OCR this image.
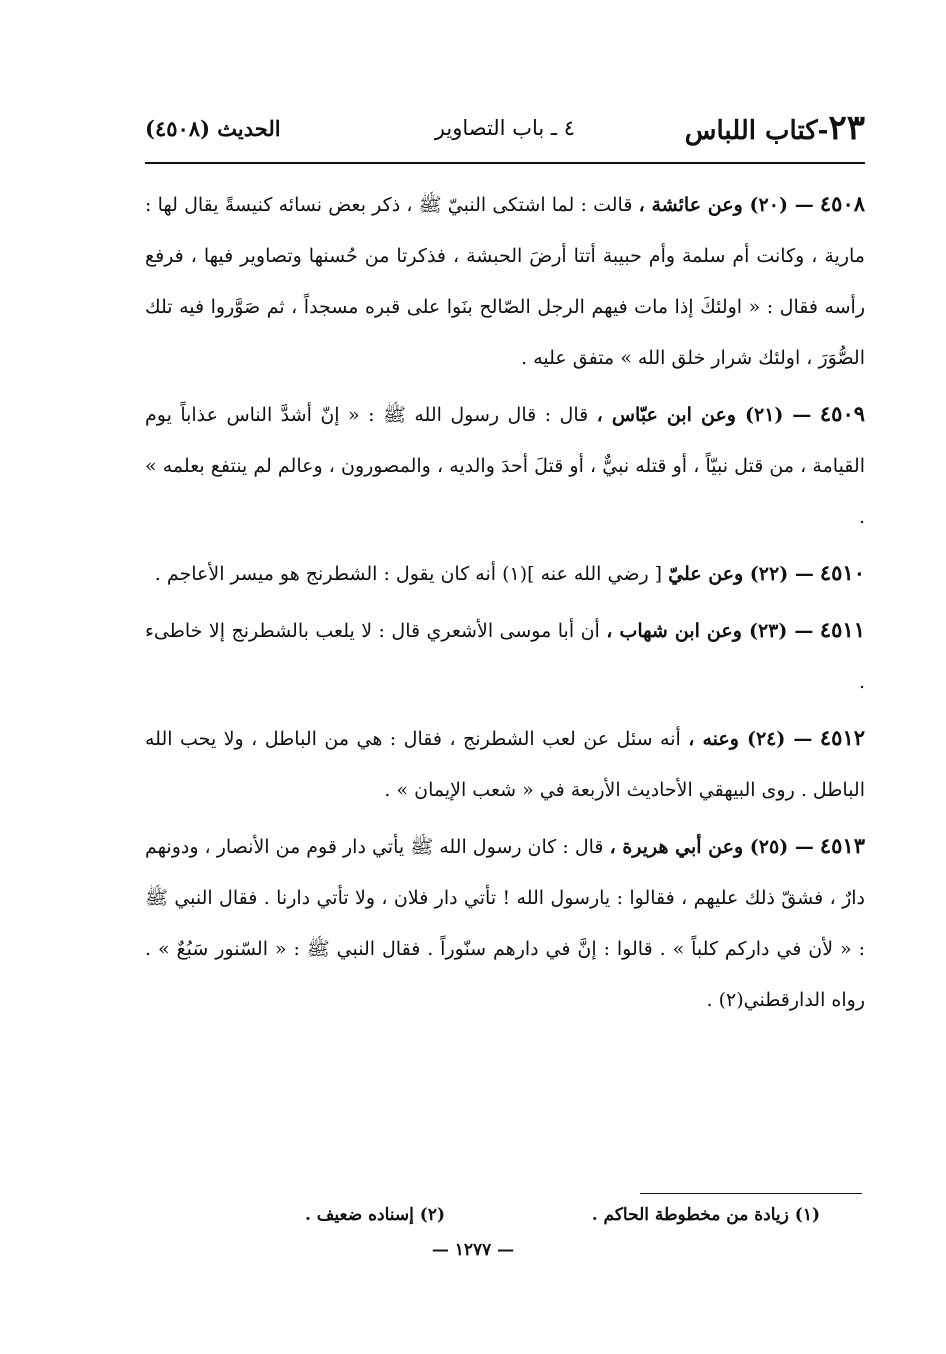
٢٣-كتاب اللباس
٤ ـ باب التصاوير
الحديث (٤٥٠٨)

٤٥٠٨ — (٢٠) وعن عائشة ، قالت : لما اشتكى النبيّ ﷺ ، ذكر بعض نسائه كنيسةً يقال لها : مارية ، وكانت أم سلمة وأم حبيبة أتتا أرضَ الحبشة ، فذكرتا من حُسنها وتصاوير فيها ، فرفع رأسه فقال : « اولئكَ إذا مات فيهم الرجل الصّالح بنَوا على قبره مسجداً ، ثم صَوَّروا فيه تلك الصُّوَرَ ، اولئك شرار خلق الله » متفق عليه .

٤٥٠٩ — (٢١) وعن ابن عبّاس ، قال : قال رسول الله ﷺ : « إنّ أشدَّ الناس عذاباً يوم القيامة ، من قتل نبيّاً ، أو قتله نبيٌّ ، أو قتلَ أحدَ والديه ، والمصورون ، وعالم لم ينتفع بعلمه » .

٤٥١٠ — (٢٢) وعن عليّ [ رضي الله عنه ](١) أنه كان يقول : الشطرنج هو ميسر الأعاجم .

٤٥١١ — (٢٣) وعن ابن شهاب ، أن أبا موسى الأشعري قال : لا يلعب بالشطرنج إلا خاطىء .

٤٥١٢ — (٢٤) وعنه ، أنه سئل عن لعب الشطرنج ، فقال : هي من الباطل ، ولا يحب الله الباطل . روى البيهقي الأحاديث الأربعة في « شعب الإيمان » .

٤٥١٣ — (٢٥) وعن أبي هريرة ، قال : كان رسول الله ﷺ يأتي دار قوم من الأنصار ، ودونهم دارٌ ، فشقّ ذلك عليهم ، فقالوا : يارسول الله ! تأتي دار فلان ، ولا تأتي دارنا . فقال النبي ﷺ : « لأن في داركم كلباً » . قالوا : إنَّ في دارهم سنّوراً . فقال النبي ﷺ : « السّنور سَبُعٌ » . رواه الدارقطني(٢) .

(١) زيادة من مخطوطة الحاكم .
(٢) إسناده ضعيف .
— ١٢٧٧ —
